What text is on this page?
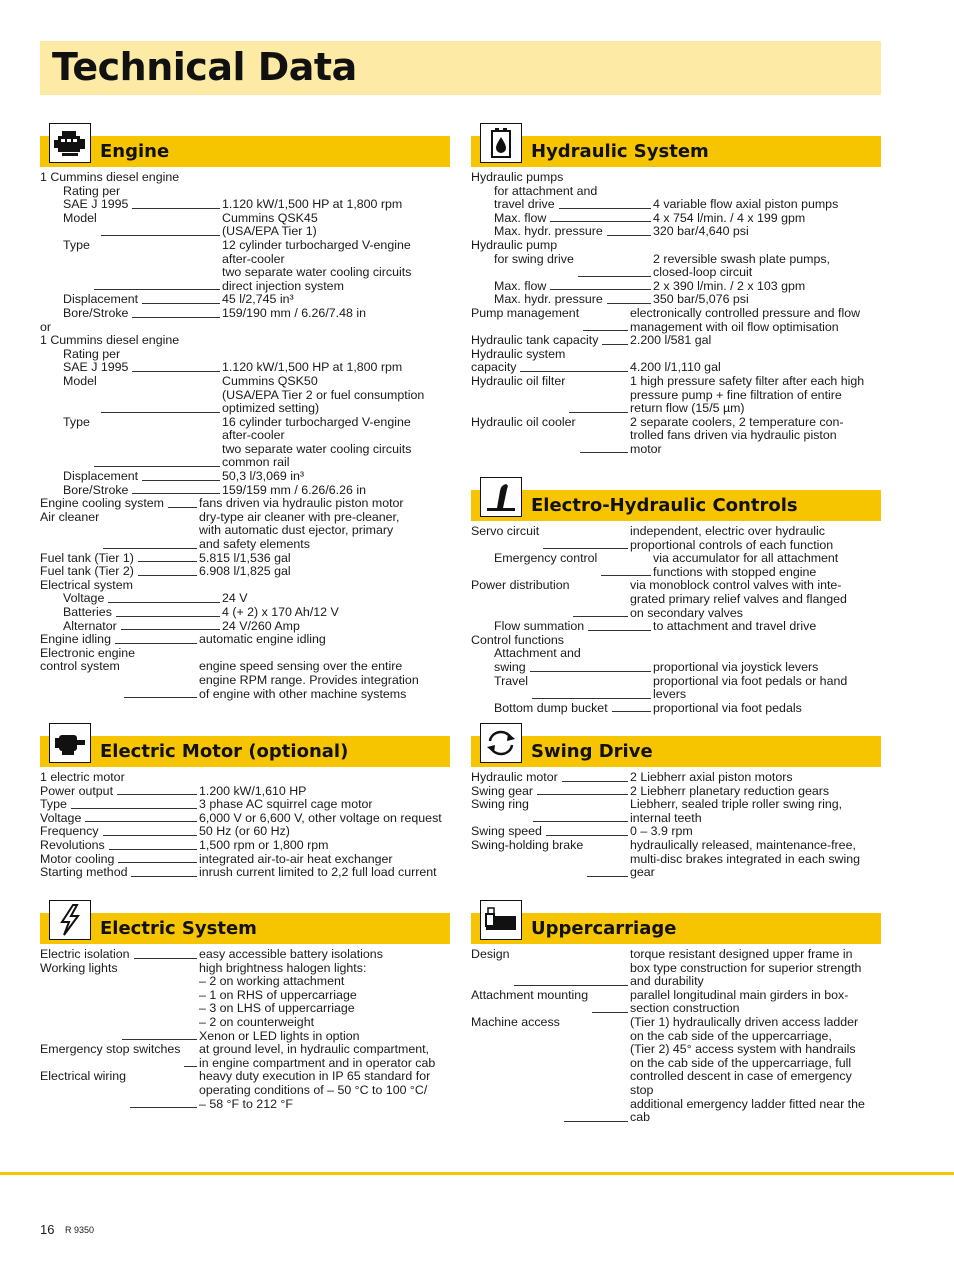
Technical Data
Engine
1 Cummins diesel engine
Rating per
SAE J 1995	1.120 kW/1,500 HP at 1,800 rpm
Model	Cummins QSK45
(USA/EPA Tier 1)
Type	12 cylinder turbocharged V-engine
after-cooler
two separate water cooling circuits
direct injection system
Displacement	45 l/2,745 in³
Bore/Stroke	159/190 mm / 6.26/7.48 in
or
1 Cummins diesel engine
Rating per
SAE J 1995	1.120 kW/1,500 HP at 1,800 rpm
Model	Cummins QSK50
(USA/EPA Tier 2 or fuel consumption
optimized setting)
Type	16 cylinder turbocharged V-engine
after-cooler
two separate water cooling circuits
common rail
Displacement	50,3 l/3,069 in³
Bore/Stroke	159/159 mm / 6.26/6.26 in
Engine cooling system	fans driven via hydraulic piston motor
Air cleaner	dry-type air cleaner with pre-cleaner,
with automatic dust ejector, primary
and safety elements
Fuel tank (Tier 1)	5.815 l/1,536 gal
Fuel tank (Tier 2)	6.908 l/1,825 gal
Electrical system
Voltage	24 V
Batteries	4 (+ 2) x 170 Ah/12 V
Alternator	24 V/260 Amp
Engine idling	automatic engine idling
Electronic engine
control system	engine speed sensing over the entire
engine RPM range. Provides integration
of engine with other machine systems
Electric Motor (optional)
1 electric motor
Power output	1.200 kW/1,610 HP
Type	3 phase AC squirrel cage motor
Voltage	6,000 V or 6,600 V, other voltage on request
Frequency	50 Hz (or 60 Hz)
Revolutions	1,500 rpm or 1,800 rpm
Motor cooling	integrated air-to-air heat exchanger
Starting method	inrush current limited to 2,2 full load current
Electric System
Electric isolation	easy accessible battery isolations
Working lights	high brightness halogen lights:
– 2 on working attachment
– 1 on RHS of uppercarriage
– 3 on LHS of uppercarriage
– 2 on counterweight
Xenon or LED lights in option
Emergency stop switches	at ground level, in hydraulic compartment,
in engine compartment and in operator cab
Electrical wiring	heavy duty execution in IP 65 standard for
operating conditions of – 50 °C to 100 °C/
– 58 °F to 212 °F
Hydraulic System
Hydraulic pumps
for attachment and
travel drive	4 variable flow axial piston pumps
Max. flow	4 x 754 l/min. / 4 x 199 gpm
Max. hydr. pressure	320 bar/4,640 psi
Hydraulic pump
for swing drive	2 reversible swash plate pumps,
closed-loop circuit
Max. flow	2 x 390 l/min. / 2 x 103 gpm
Max. hydr. pressure	350 bar/5,076 psi
Pump management	electronically controlled pressure and flow
management with oil flow optimisation
Hydraulic tank capacity	2.200 l/581 gal
Hydraulic system
capacity	4.200 l/1,110 gal
Hydraulic oil filter	1 high pressure safety filter after each high
pressure pump + fine filtration of entire
return flow (15/5 µm)
Hydraulic oil cooler	2 separate coolers, 2 temperature con-
trolled fans driven via hydraulic piston
motor
Electro-Hydraulic Controls
Servo circuit	independent, electric over hydraulic
proportional controls of each function
Emergency control	via accumulator for all attachment
functions with stopped engine
Power distribution	via monoblock control valves with inte-
grated primary relief valves and flanged
on secondary valves
Flow summation	to attachment and travel drive
Control functions
Attachment and
swing	proportional via joystick levers
Travel	proportional via foot pedals or hand levers
Bottom dump bucket	proportional via foot pedals
Swing Drive
Hydraulic motor	2 Liebherr axial piston motors
Swing gear	2 Liebherr planetary reduction gears
Swing ring	Liebherr, sealed triple roller swing ring,
internal teeth
Swing speed	0 – 3.9 rpm
Swing-holding brake	hydraulically released, maintenance-free,
multi-disc brakes integrated in each swing
gear
Uppercarriage
Design	torque resistant designed upper frame in
box type construction for superior strength
and durability
Attachment mounting	parallel longitudinal main girders in box-
section construction
Machine access	(Tier 1) hydraulically driven access ladder
on the cab side of the uppercarriage,
(Tier 2) 45° access system with handrails
on the cab side of the uppercarriage, full
controlled descent in case of emergency
stop
additional emergency ladder fitted near the
cab
16 R 9350
